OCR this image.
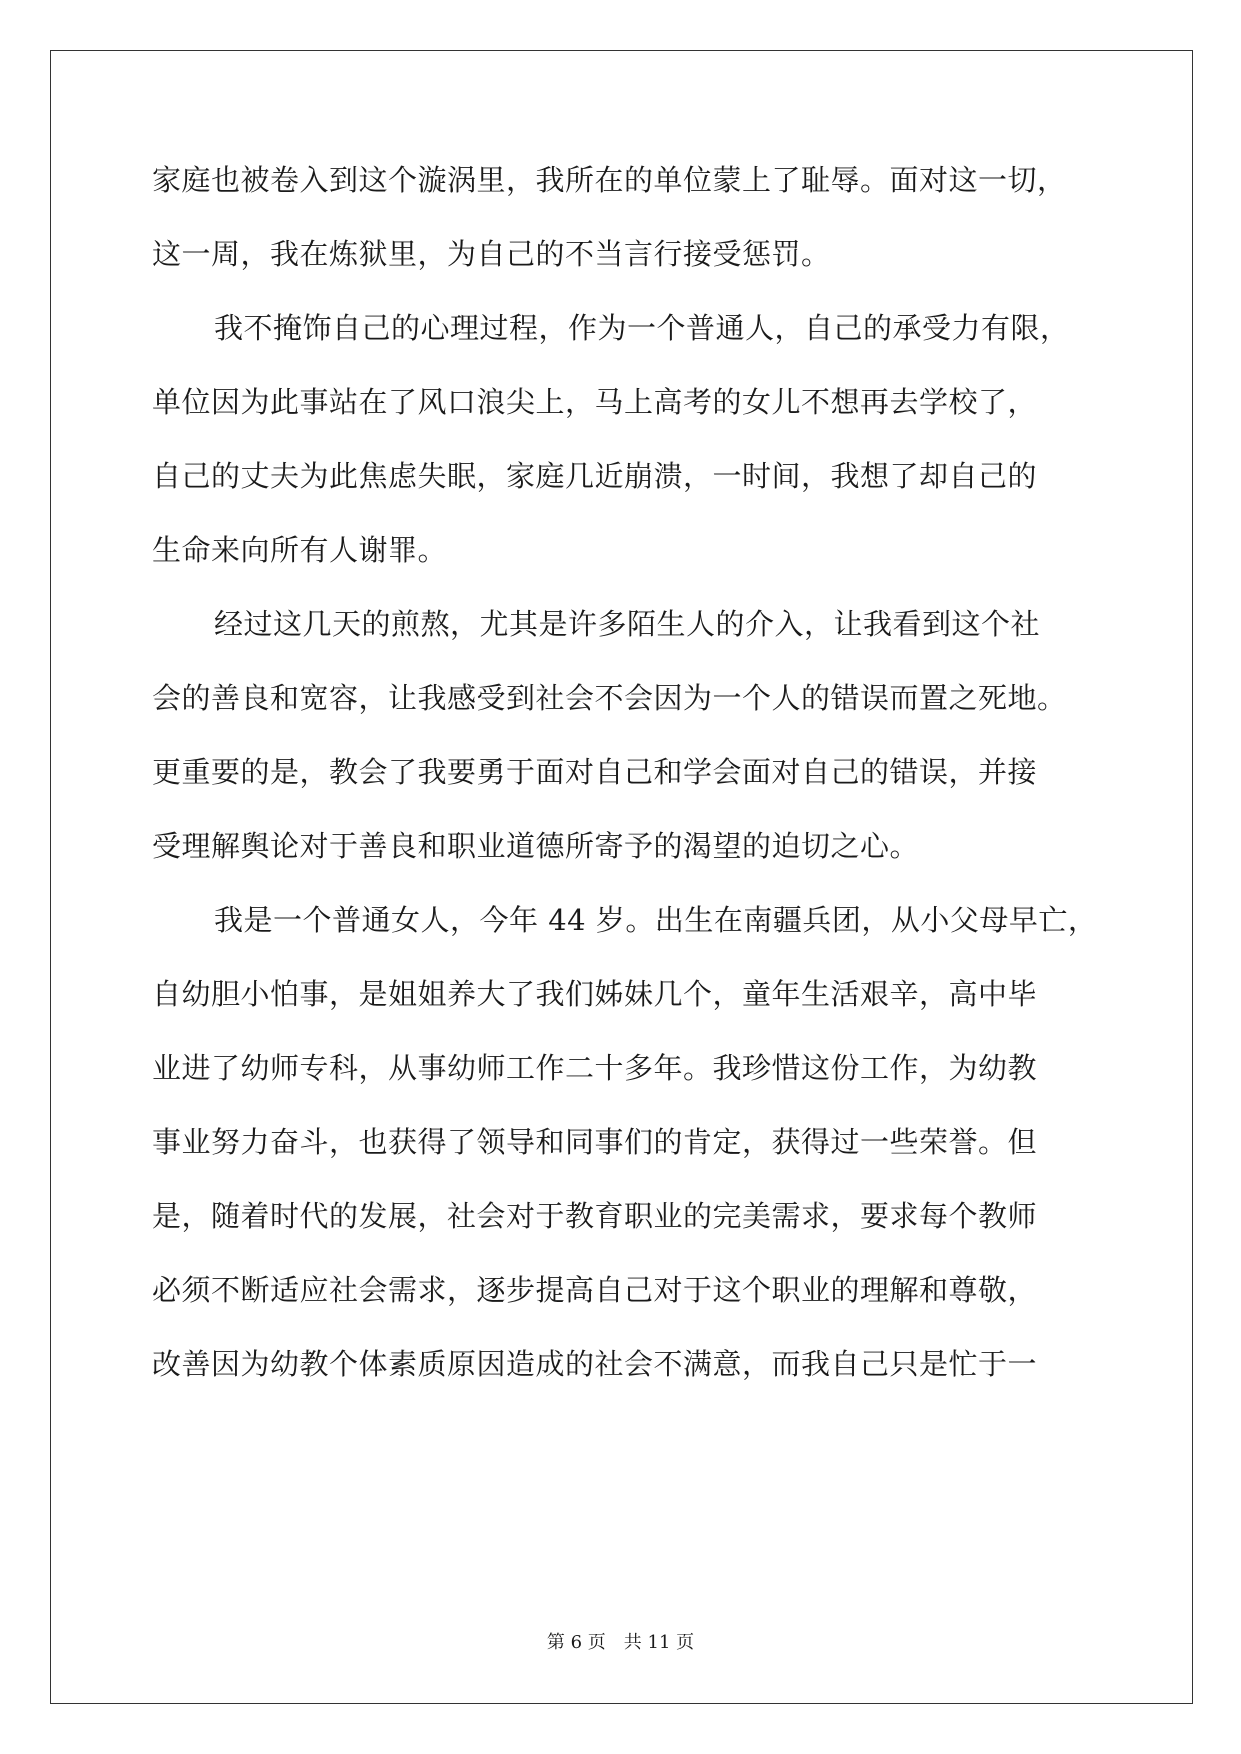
家庭也被卷入到这个漩涡里，我所在的单位蒙上了耻辱。面对这一切，
这一周，我在炼狱里，为自己的不当言行接受惩罚。
我不掩饰自己的心理过程，作为一个普通人，自己的承受力有限，
单位因为此事站在了风口浪尖上，马上高考的女儿不想再去学校了，
自己的丈夫为此焦虑失眠，家庭几近崩溃，一时间，我想了却自己的
生命来向所有人谢罪。
经过这几天的煎熬，尤其是许多陌生人的介入，让我看到这个社
会的善良和宽容，让我感受到社会不会因为一个人的错误而置之死地。
更重要的是，教会了我要勇于面对自己和学会面对自己的错误，并接
受理解舆论对于善良和职业道德所寄予的渴望的迫切之心。
我是一个普通女人，今年 44 岁。出生在南疆兵团，从小父母早亡，
自幼胆小怕事，是姐姐养大了我们姊妹几个，童年生活艰辛，高中毕
业进了幼师专科，从事幼师工作二十多年。我珍惜这份工作，为幼教
事业努力奋斗，也获得了领导和同事们的肯定，获得过一些荣誉。但
是，随着时代的发展，社会对于教育职业的完美需求，要求每个教师
必须不断适应社会需求，逐步提高自己对于这个职业的理解和尊敬，
改善因为幼教个体素质原因造成的社会不满意，而我自己只是忙于一
第 6 页　共 11 页
